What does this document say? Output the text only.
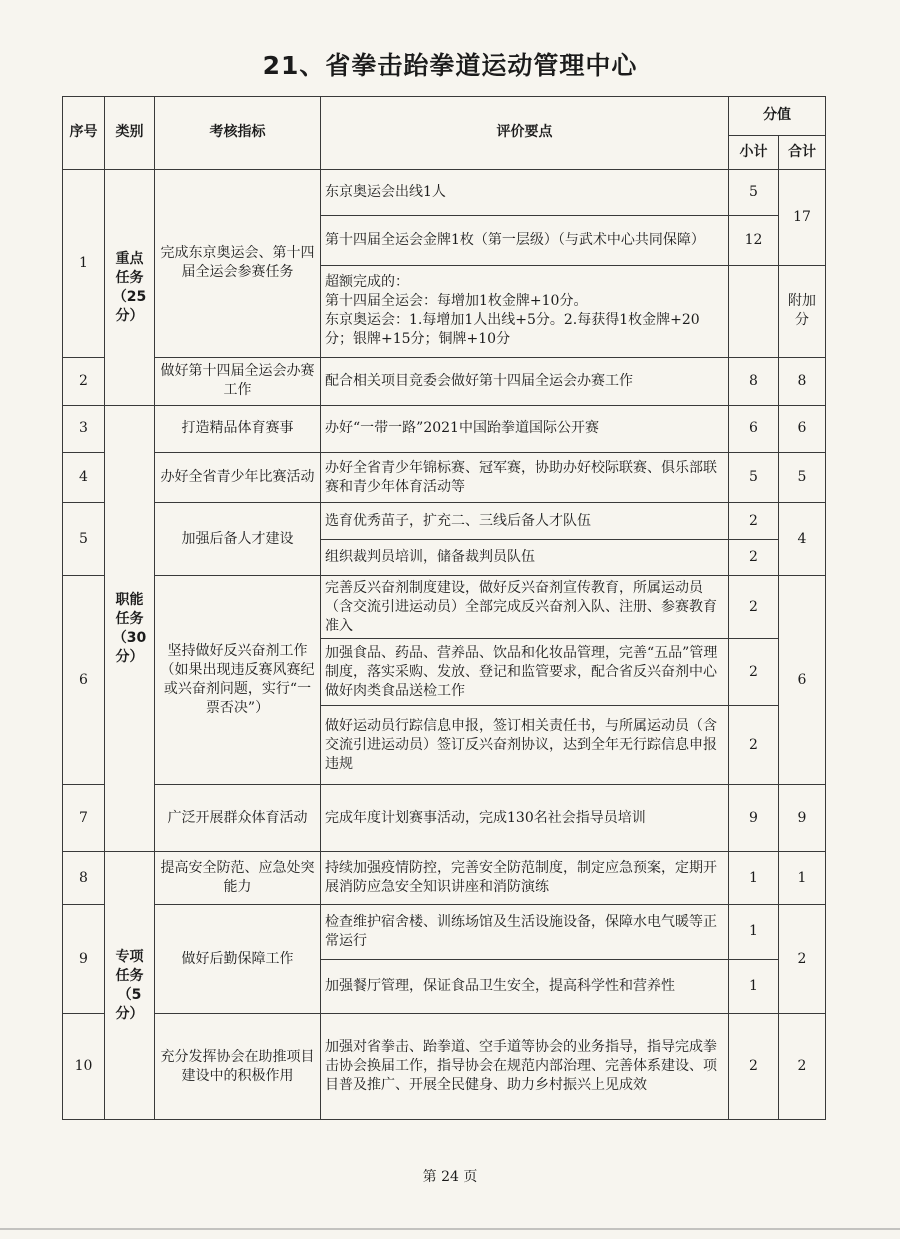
21、省拳击跆拳道运动管理中心
序号	类别	考核指标	评价要点	分值	
				小计	合计
1	重点任务（25分）	完成东京奥运会、第十四届全运会参赛任务	东京奥运会出线1人	5	17
			第十四届全运会金牌1枚（第一层级）（与武术中心共同保障）	12	
			超额完成的：
第十四届全运会：每增加1枚金牌+10分。
东京奥运会：1.每增加1人出线+5分。2.每获得1枚金牌+20分；银牌+15分；铜牌+10分		附加分
2		做好第十四届全运会办赛工作	配合相关项目竞委会做好第十四届全运会办赛工作	8	8
3	职能任务（30分）	打造精品体育赛事	办好“一带一路”2021中国跆拳道国际公开赛	6	6
4		办好全省青少年比赛活动	办好全省青少年锦标赛、冠军赛，协助办好校际联赛、俱乐部联赛和青少年体育活动等	5	5
5		加强后备人才建设	选育优秀苗子，扩充二、三线后备人才队伍	2	4
			组织裁判员培训，储备裁判员队伍	2	
6		坚持做好反兴奋剂工作（如果出现违反赛风赛纪或兴奋剂问题，实行“一票否决”）	完善反兴奋剂制度建设，做好反兴奋剂宣传教育，所属运动员（含交流引进运动员）全部完成反兴奋剂入队、注册、参赛教育准入	2	6
			加强食品、药品、营养品、饮品和化妆品管理，完善“五品”管理制度，落实采购、发放、登记和监管要求，配合省反兴奋剂中心做好肉类食品送检工作	2	
			做好运动员行踪信息申报，签订相关责任书，与所属运动员（含交流引进运动员）签订反兴奋剂协议，达到全年无行踪信息申报违规	2	
7		广泛开展群众体育活动	完成年度计划赛事活动，完成130名社会指导员培训	9	9
8	专项任务（5分）	提高安全防范、应急处突能力	持续加强疫情防控，完善安全防范制度，制定应急预案，定期开展消防应急安全知识讲座和消防演练	1	1
9		做好后勤保障工作	检查维护宿舍楼、训练场馆及生活设施设备，保障水电气暖等正常运行	1	2
			加强餐厅管理，保证食品卫生安全，提高科学性和营养性	1	
10		充分发挥协会在助推项目建设中的积极作用	加强对省拳击、跆拳道、空手道等协会的业务指导，指导完成拳击协会换届工作，指导协会在规范内部治理、完善体系建设、项目普及推广、开展全民健身、助力乡村振兴上见成效	2	2
第 24 页
